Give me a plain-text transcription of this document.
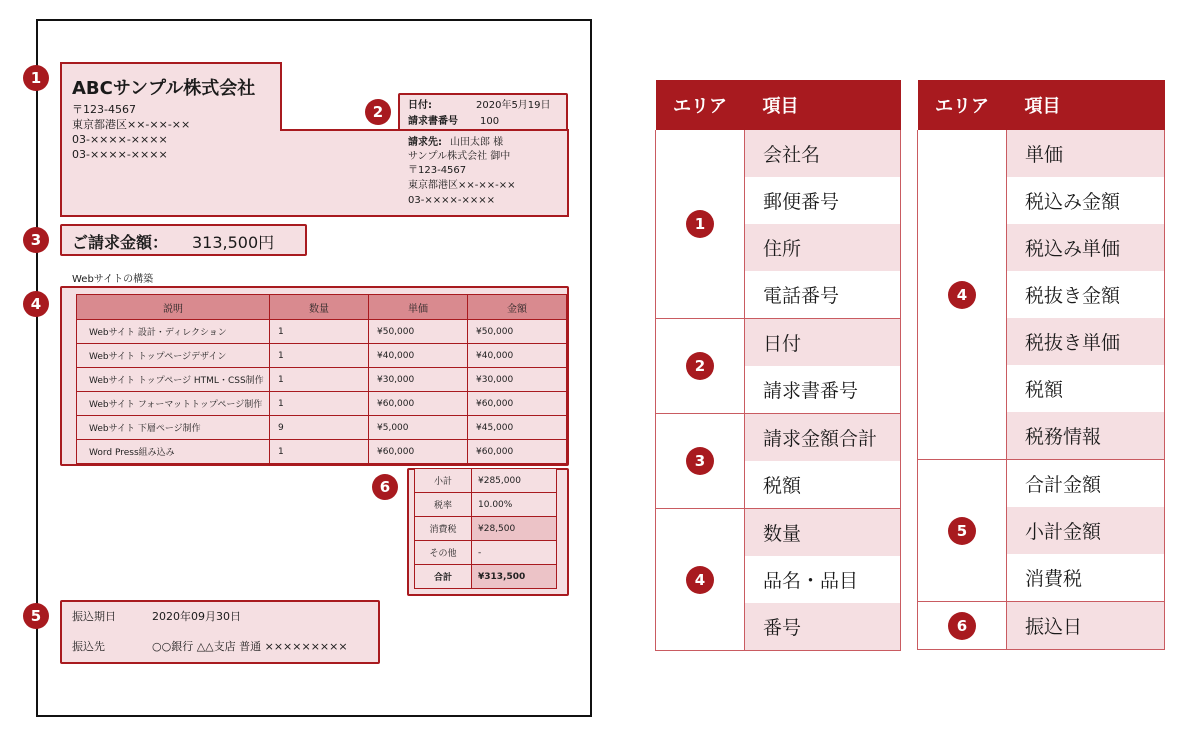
ABCサンプル株式会社
〒123-4567
東京都港区××-××-××
03-××××-××××
03-××××-××××
日付:	2020年5月19日
請求書番号 100
請求先: 山田太郎 様
サンプル株式会社 御中
〒123-4567
東京都港区××-××-××
03-××××-××××
ご請求金額： 313,500円
Webサイトの構築
説明	数量	単価	金額
Webサイト 設計・ディレクション	1	¥50,000	¥50,000
Webサイト トップページデザイン	1	¥40,000	¥40,000
Webサイト トップページ HTML・CSS制作	1	¥30,000	¥30,000
Webサイト フォーマットトップページ制作	1	¥60,000	¥60,000
Webサイト 下層ページ制作	9	¥5,000	¥45,000
Word Press組み込み	1	¥60,000	¥60,000
小計	¥285,000
税率	10.00%
消費税	¥28,500
その他	-
合計	¥313,500
振込期日	2020年09月30日
振込先	○○銀行 △△支店 普通 ×××××××××
1
2
3
4
5
6
エリア	項目
1	会社名
	郵便番号
	住所
	電話番号
2	日付
	請求書番号
3	請求金額合計
	税額
4	数量
	品名・品目
	番号
エリア	項目
4	単価
	税込み金額
	税込み単価
	税抜き金額
	税抜き単価
	税額
	税務情報
5	合計金額
	小計金額
	消費税
6	振込日
